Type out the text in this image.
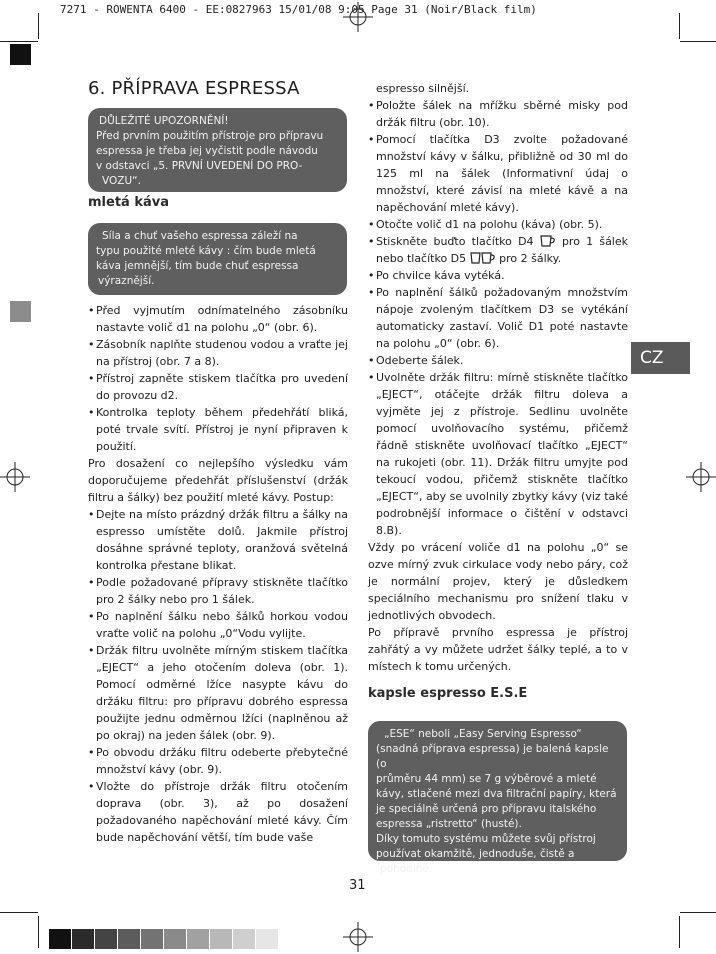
7271 - ROWENTA 6400 - EE:0827963 15/01/08 9:05 Page 31 (Noir/Black film)
6. PŘÍPRAVA ESPRESSA

DŮLEŽITÉ UPOZORNĚNÍ!

Před prvním použitím přístroje pro přípravu

espressa je třeba jej vyčistit podle návodu

v odstavci „5. PRVNÍ UVEDENÍ DO PRO-

VOZU“.

mletá káva

Síla a chuť vašeho espressa záleží na

typu použité mleté kávy : čím bude mletá

káva jemnější, tím bude chuť espressa

výraznější.

• Před vyjmutím odnímatelného zásobníku nastavte volič d1 na polohu „0“ (obr. 6).
• Zásobník naplňte studenou vodou a vraťte jej na přístroj (obr. 7 a 8).
• Přístroj zapněte stiskem tlačítka pro uvedení do provozu d2.
• Kontrolka teploty během předehřátí bliká, poté trvale svítí. Přístroj je nyní připraven k použití.

Pro dosažení co nejlepšího výsledku vám doporučujeme předehřát příslušenství (držák filtru a šálky) bez použití mleté kávy. Postup:

• Dejte na místo prázdný držák filtru a šálky na espresso umístěte dolů. Jakmile přístroj dosáhne správné teploty, oranžová světelná kontrolka přestane blikat.
• Podle požadované přípravy stiskněte tlačítko pro 2 šálky nebo pro 1 šálek.
• Po naplnění šálku nebo šálků horkou vodou vraťte volič na polohu „0“Vodu vylijte.
• Držák filtru uvolněte mírným stiskem tlačítka „EJECT“ a jeho otočením doleva (obr. 1). Pomocí odměrné lžíce nasypte kávu do držáku filtru: pro přípravu dobrého espressa použijte jednu odměrnou lžíci (naplněnou až po okraj) na jeden šálek (obr. 9).
• Po obvodu držáku filtru odeberte přebytečné množství kávy (obr. 9).
• Vložte do přístroje držák filtru otočením doprava (obr. 3), až po dosažení požadovaného napěchování mleté kávy. Čím bude napěchování větší, tím bude vaše

espresso silnější.

• Položte šálek na mřížku sběrné misky pod držák filtru (obr. 10).
• Pomocí tlačítka D3 zvolte požadované množství kávy v šálku, přibližně od 30 ml do 125 ml na šálek (Informativní údaj o množství, které závisí na mleté kávě a na napěchování mleté kávy).
• Otočte volič d1 na polohu (káva) (obr. 5).
• Stiskněte buďto tlačítko D4	pro 1 šálek nebo tlačítko D5	pro 2 šálky.
• Po chvilce káva vytéká.
• Po naplnění šálků požadovaným množstvím nápoje zvoleným tlačítkem D3 se vytékání automaticky zastaví. Volič D1 poté nastavte na polohu „0“ (obr. 6).
• Odeberte šálek.
• Uvolněte držák filtru: mírně stiskněte tlačítko „EJECT“, otáčejte držák filtru doleva a vyjměte jej z přístroje. Sedlinu uvolněte pomocí uvolňovacího systému, přičemž řádně stiskněte uvolňovací tlačítko „EJECT“ na rukojeti (obr. 11). Držák filtru umyjte pod tekoucí vodou, přičemž stiskněte tlačítko „EJECT“, aby se uvolnily zbytky kávy (viz také podrobnější informace o čištění v odstavci 8.B).

Vždy po vrácení voliče d1 na polohu „0“ se ozve mírný zvuk cirkulace vody nebo páry, což je normální projev, který je důsledkem speciálního mechanismu pro snížení tlaku v jednotlivých obvodech.

Po přípravě prvního espressa je přístroj zahřátý a vy můžete udržet šálky teplé, a to v místech k tomu určených.

kapsle espresso E.S.E

„ESE“ neboli „Easy Serving Espresso“

(snadná příprava espressa) je balená kapsle (o

průměru 44 mm) se 7 g výběrové a mleté

kávy, stlačené mezi dva filtrační papíry, která

je speciálně určená pro přípravu italského

espressa „ristretto“ (husté).

Díky tomuto systému můžete svůj přístroj

používat okamžitě, jednoduše, čistě a

pohodlně.

CZ
31
